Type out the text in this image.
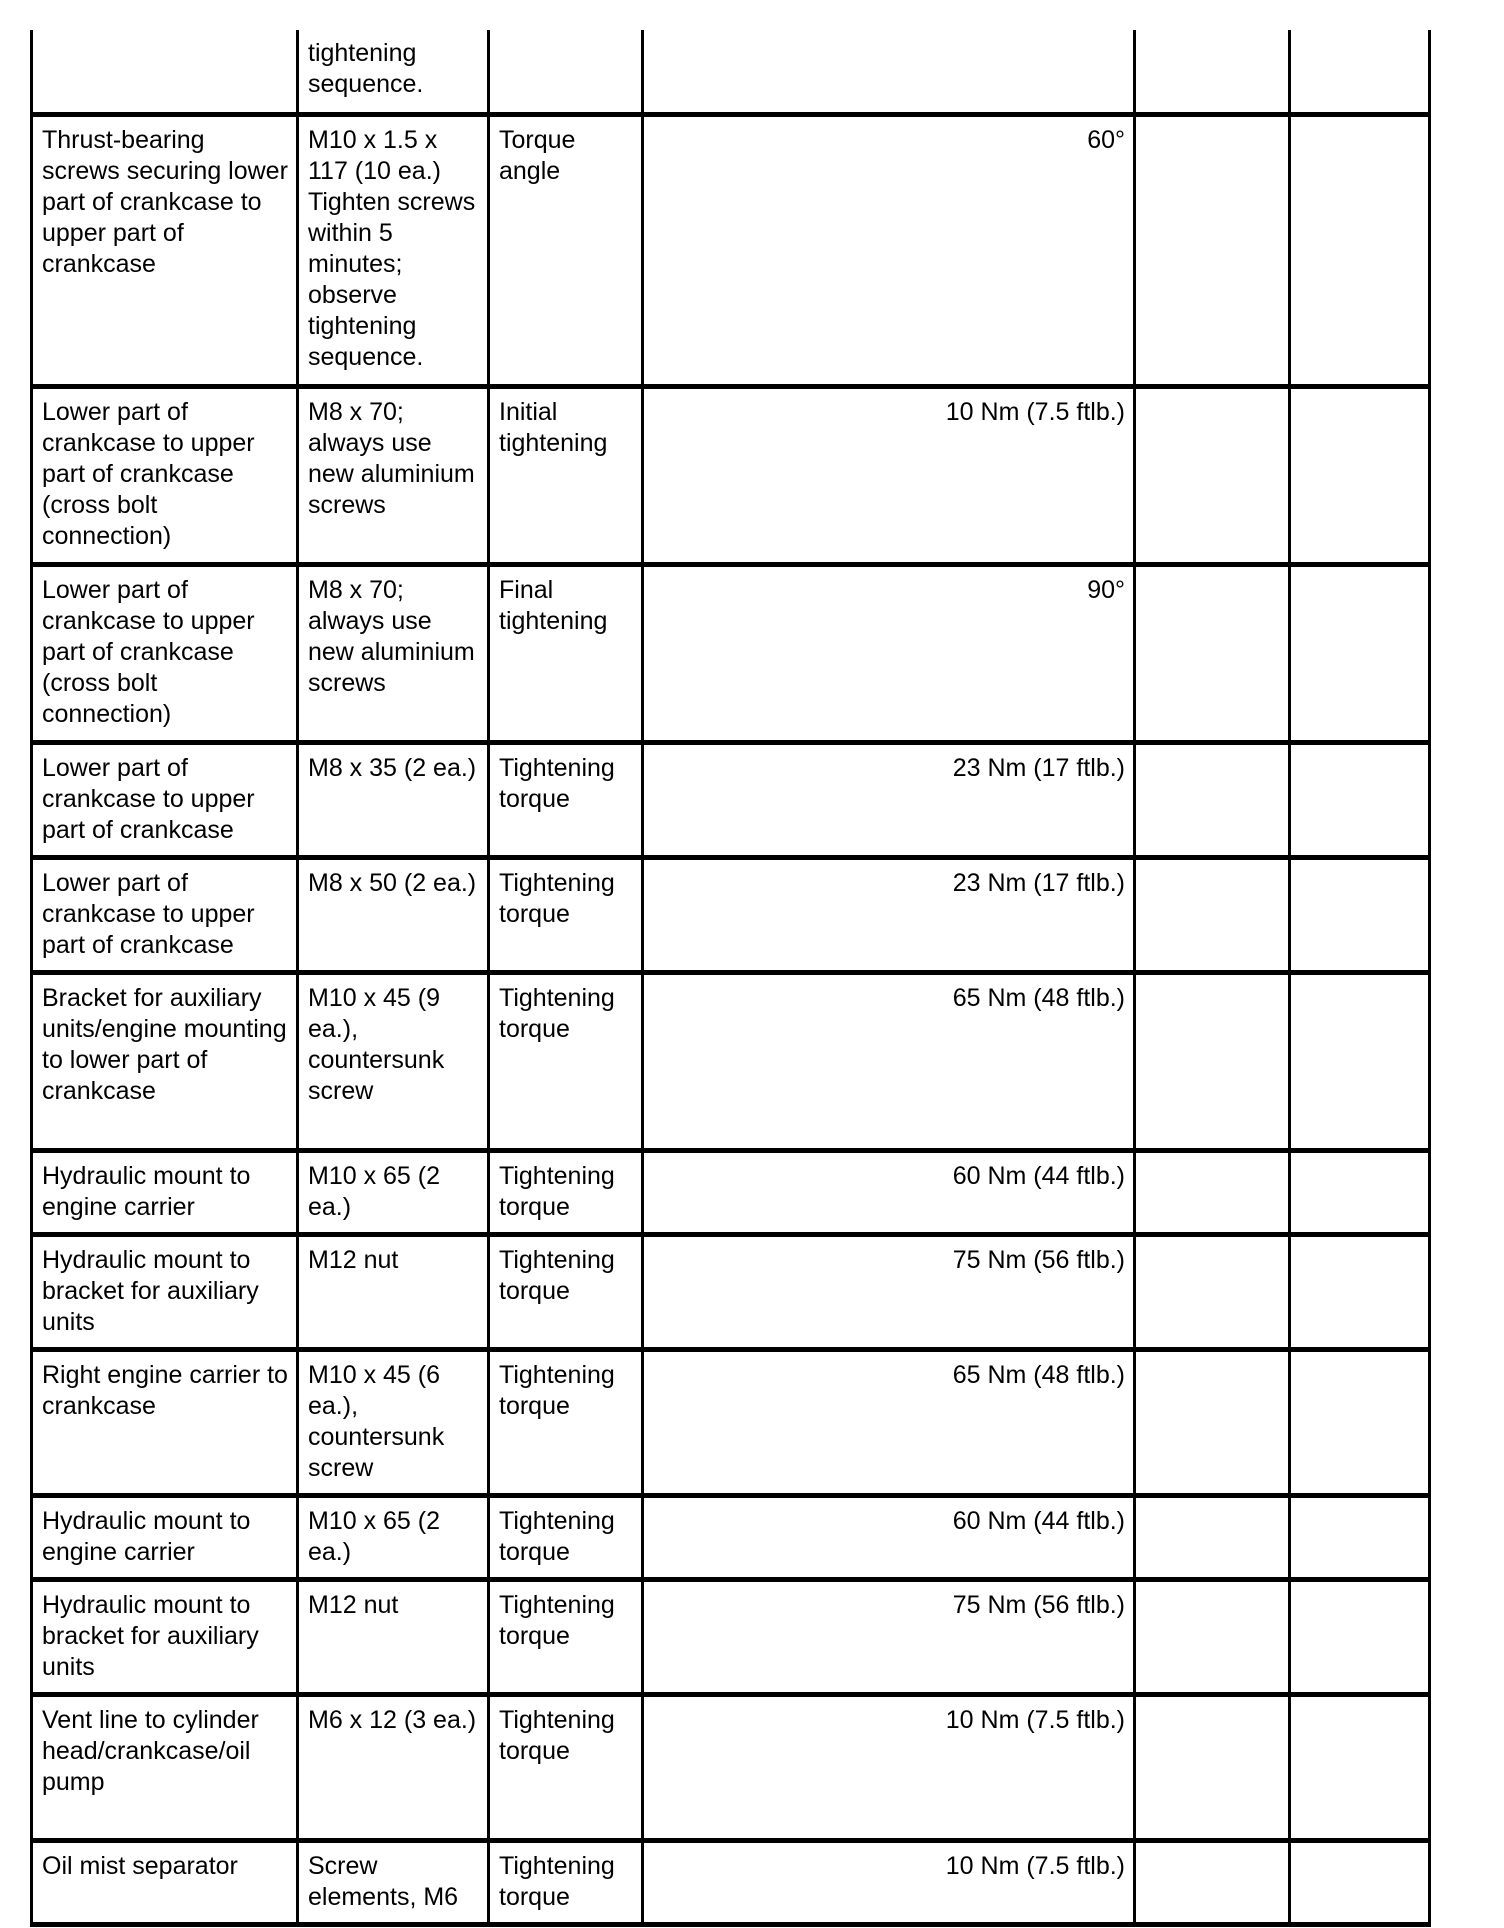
	tightening sequence.				
Thrust-bearing screws securing lower part of crankcase to upper part of crankcase	M10 x 1.5 x 117 (10 ea.) Tighten screws within 5 minutes; observe tightening sequence.	Torque angle	60°		
Lower part of crankcase to upper part of crankcase (cross bolt connection)	M8 x 70; always use new aluminium screws	Initial tightening	10 Nm (7.5 ftlb.)		
Lower part of crankcase to upper part of crankcase (cross bolt connection)	M8 x 70; always use new aluminium screws	Final tightening	90°		
Lower part of crankcase to upper part of crankcase	M8 x 35 (2 ea.)	Tightening torque	23 Nm (17 ftlb.)		
Lower part of crankcase to upper part of crankcase	M8 x 50 (2 ea.)	Tightening torque	23 Nm (17 ftlb.)		
Bracket for auxiliary units/engine mounting to lower part of crankcase	M10 x 45 (9 ea.), countersunk screw	Tightening torque	65 Nm (48 ftlb.)		
Hydraulic mount to engine carrier	M10 x 65 (2 ea.)	Tightening torque	60 Nm (44 ftlb.)		
Hydraulic mount to bracket for auxiliary units	M12 nut	Tightening torque	75 Nm (56 ftlb.)		
Right engine carrier to crankcase	M10 x 45 (6 ea.), countersunk screw	Tightening torque	65 Nm (48 ftlb.)		
Hydraulic mount to engine carrier	M10 x 65 (2 ea.)	Tightening torque	60 Nm (44 ftlb.)		
Hydraulic mount to bracket for auxiliary units	M12 nut	Tightening torque	75 Nm (56 ftlb.)		
Vent line to cylinder head/crankcase/oil pump	M6 x 12 (3 ea.)	Tightening torque	10 Nm (7.5 ftlb.)		
Oil mist separator	Screw elements, M6	Tightening torque	10 Nm (7.5 ftlb.)		
